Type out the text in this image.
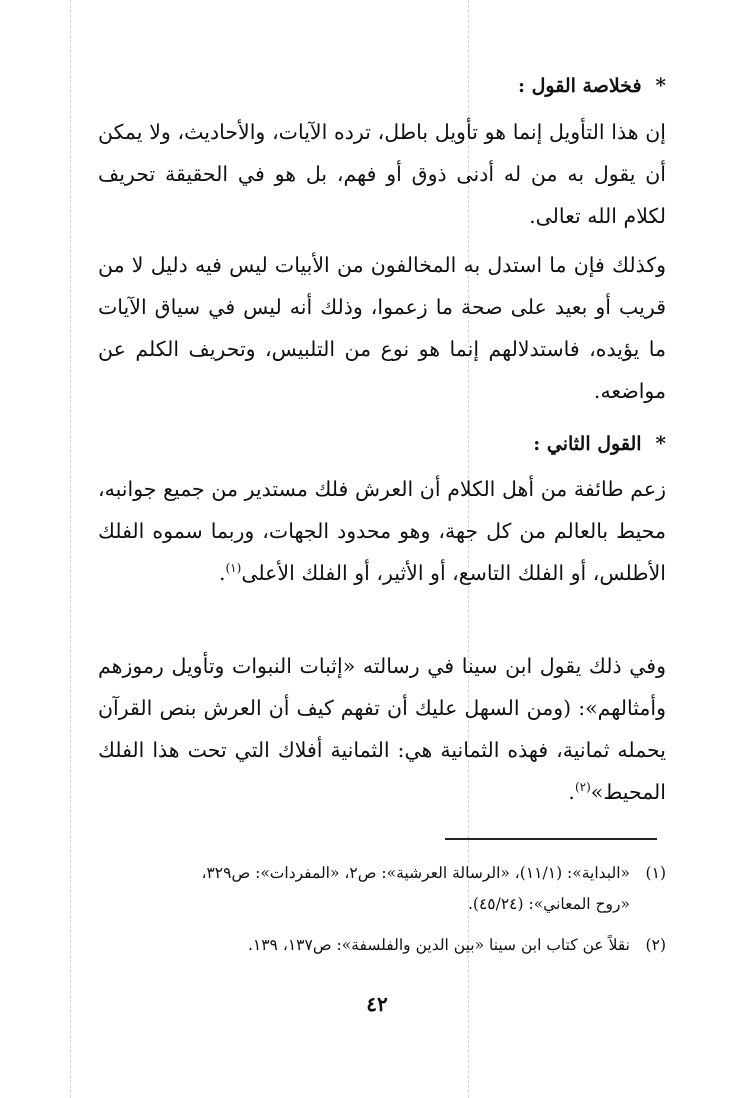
*فخلاصة القول :
إن هذا التأويل إنما هو تأويل باطل، ترده الآيات، والأحاديث، ولا يمكن أن يقول به من له أدنى ذوق أو فهم، بل هو في الحقيقة تحريف لكلام الله تعالى.
وكذلك فإن ما استدل به المخالفون من الأبيات ليس فيه دليل لا من قريب أو بعيد على صحة ما زعموا، وذلك أنه ليس في سياق الآيات ما يؤيده، فاستدلالهم إنما هو نوع من التلبيس، وتحريف الكلم عن مواضعه.
*القول الثاني :
زعم طائفة من أهل الكلام أن العرش فلك مستدير من جميع جوانبه، محيط بالعالم من كل جهة، وهو محدود الجهات، وربما سموه الفلك الأطلس، أو الفلك التاسع، أو الأثير، أو الفلك الأعلى$^{(١)}$.
وفي ذلك يقول ابن سينا في رسالته «إثبات النبوات وتأويل رموزهم وأمثالهم»: (ومن السهل عليك أن تفهم كيف أن العرش بنص القرآن يحمله ثمانية، فهذه الثمانية هي: الثمانية أفلاك التي تحت هذا الفلك المحيط»$^{(٢)}$.
(١)«البداية»: (١١/١)، «الرسالة العرشية»: ص٢، «المفردات»: ص٣٢٩،
«روح المعاني»: (٤٥/٢٤).
(٢)نقلاً عن كتاب ابن سينا «بين الدين والفلسفة»: ص١٣٧، ١٣٩.
٤٢
